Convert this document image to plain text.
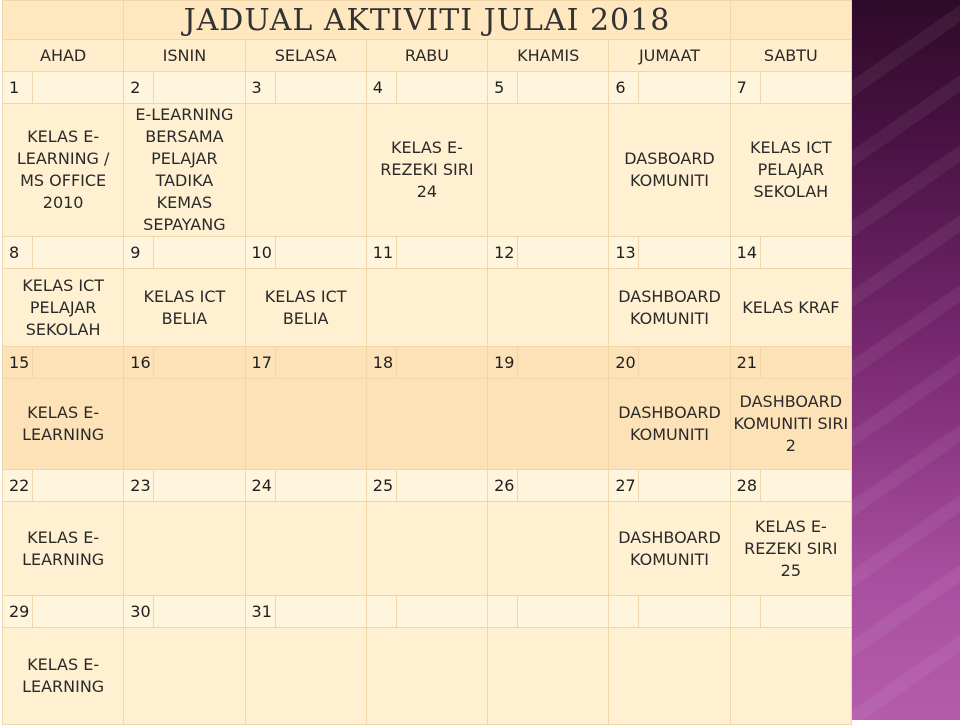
		JADUAL AKTIVITI JULAI 2018											
AHAD		ISNIN		SELASA		RABU		KHAMIS		JUMAAT		SABTU	
1		2		3		4		5		6		7	

KELAS E-LEARNING / MS OFFICE 2010		E-LEARNING BERSAMA PELAJAR TADIKA KEMAS SEPAYANG				KELAS E-REZEKI SIRI 24				DASBOARD KOMUNITI		KELAS ICT PELAJAR SEKOLAH	

8		9		10		11		12		13		14	

KELAS ICT PELAJAR SEKOLAH		KELAS ICT BELIA		KELAS ICT BELIA						DASHBOARD KOMUNITI		KELAS KRAF	

15		16		17		18		19		20		21	

KELAS E-LEARNING										DASHBOARD KOMUNITI		DASHBOARD KOMUNITI SIRI 2	

22		23		24		25		26		27		28	

KELAS E-LEARNING										DASHBOARD KOMUNITI		KELAS E-REZEKI SIRI 25	

29		30		31									

KELAS E-LEARNING													
